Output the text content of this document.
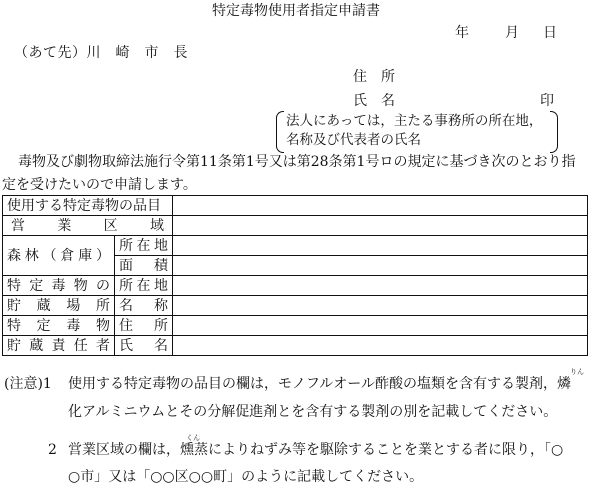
特定毒物使用者指定申請書
年	月 日
（あて先）川　崎　市　長
住　所
氏　名	印
法人にあっては，主たる事務所の所在地，
名称及び代表者の氏名
毒物及び劇物取締法施行令第11条第1号又は第28条第1号ロの規定に基づき次のとおり指
定を受けたいので申請します。
使用する特定毒物の品目		
営業区域		
森林（倉庫）	所在地	
	面　積	
特定毒物の	所在地	
貯蔵場所	名　称	
特定毒物	住　所	
貯蔵責任者	氏　名	
(注意)1 使用する特定毒物の品目の欄は，モノフルオール酢酸の塩類を含有する製剤，燐
りん
化アルミニウムとその分解促進剤とを含有する製剤の別を記載してください。
2
くん
営業区域の欄は，燻蒸によりねずみ等を駆除することを業とする者に限り，「○
○市」又は「○○区○○町」のように記載してください。
